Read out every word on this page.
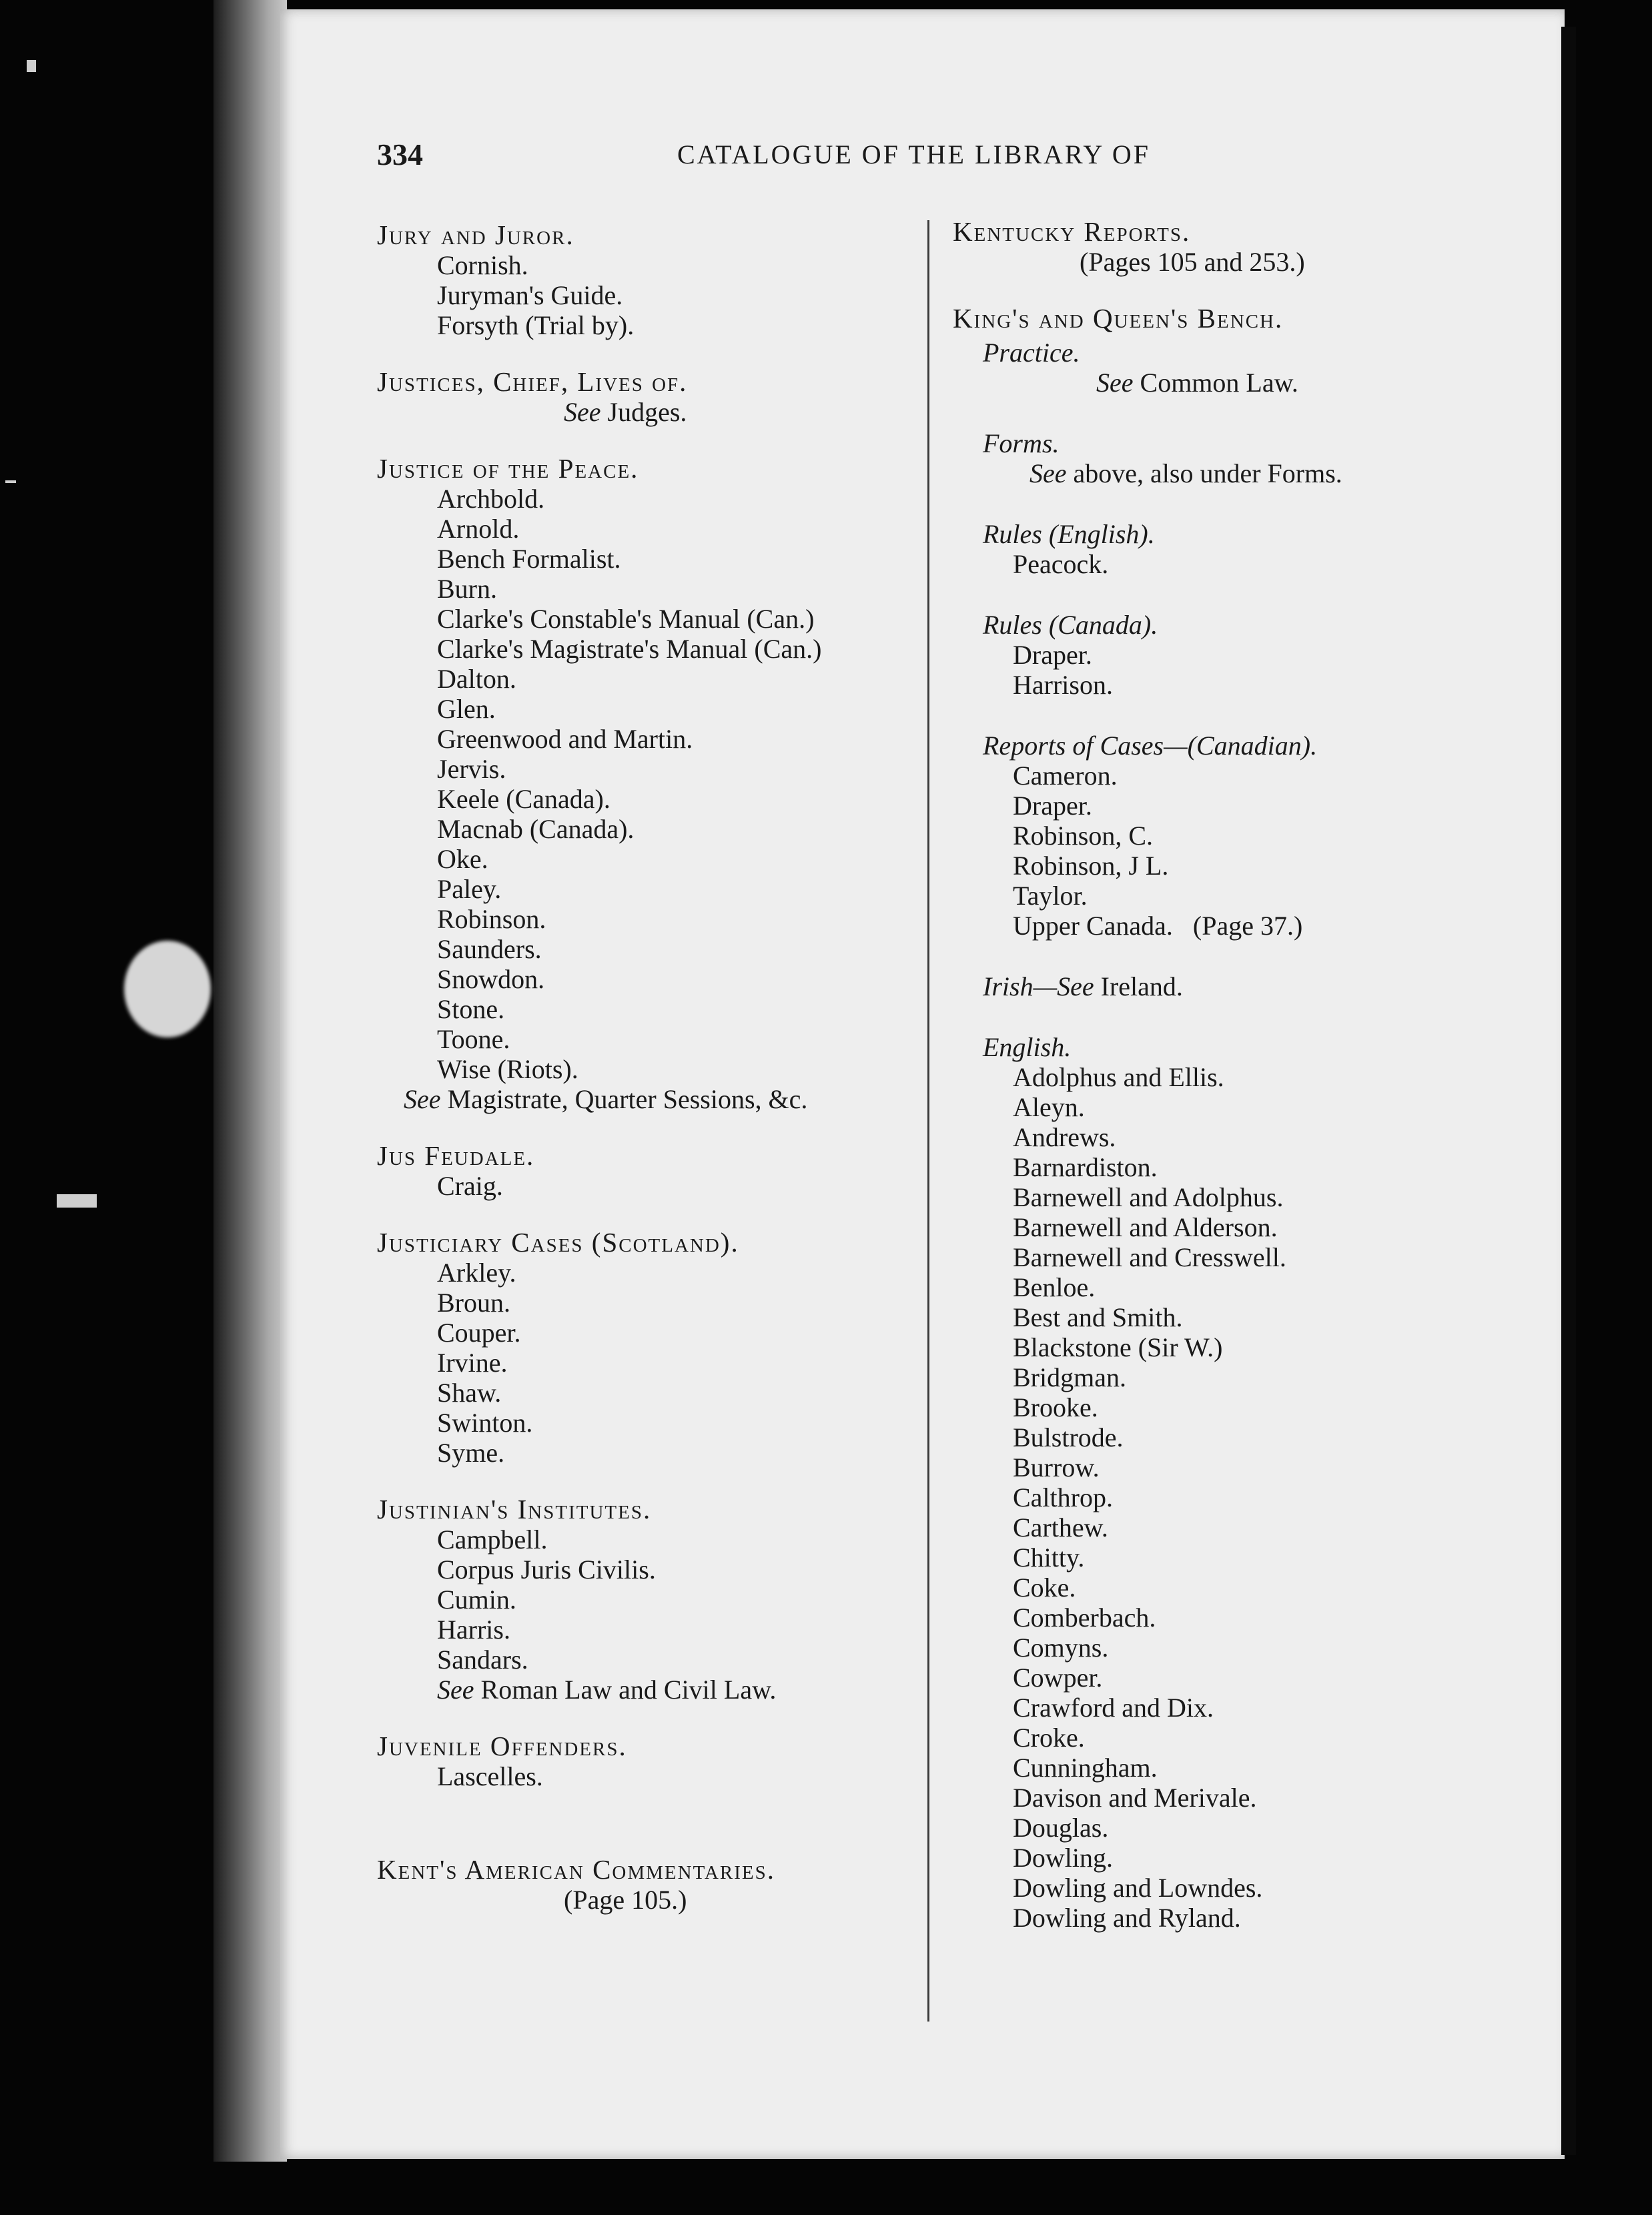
334	CATALOGUE OF THE LIBRARY OF
Jury and Juror.
Cornish.
Juryman's Guide.
Forsyth (Trial by).
Justices, Chief, Lives of.
See Judges.
Justice of the Peace.
Archbold.
Arnold.
Bench Formalist.
Burn.
Clarke's Constable's Manual (Can.)
Clarke's Magistrate's Manual (Can.)
Dalton.
Glen.
Greenwood and Martin.
Jervis.
Keele (Canada).
Macnab (Canada).
Oke.
Paley.
Robinson.
Saunders.
Snowdon.
Stone.
Toone.
Wise (Riots).
See Magistrate, Quarter Sessions, &c.
Jus Feudale.
Craig.
Justiciary Cases (Scotland).
Arkley.
Broun.
Couper.
Irvine.
Shaw.
Swinton.
Syme.
Justinian's Institutes.
Campbell.
Corpus Juris Civilis.
Cumin.
Harris.
Sandars.
See Roman Law and Civil Law.
Juvenile Offenders.
Lascelles.
Kent's American Commentaries.
(Page 105.)
Kentucky Reports.
(Pages 105 and 253.)
King's and Queen's Bench.
Practice.
See Common Law.
Forms.
See above, also under Forms.
Rules (English).
Peacock.
Rules (Canada).
Draper.
Harrison.
Reports of Cases—(Canadian).
Cameron.
Draper.
Robinson, C.
Robinson, J L.
Taylor.
Upper Canada.   (Page 37.)
Irish—See Ireland.
English.
Adolphus and Ellis.
Aleyn.
Andrews.
Barnardiston.
Barnewell and Adolphus.
Barnewell and Alderson.
Barnewell and Cresswell.
Benloe.
Best and Smith.
Blackstone (Sir W.)
Bridgman.
Brooke.
Bulstrode.
Burrow.
Calthrop.
Carthew.
Chitty.
Coke.
Comberbach.
Comyns.
Cowper.
Crawford and Dix.
Croke.
Cunningham.
Davison and Merivale.
Douglas.
Dowling.
Dowling and Lowndes.
Dowling and Ryland.
